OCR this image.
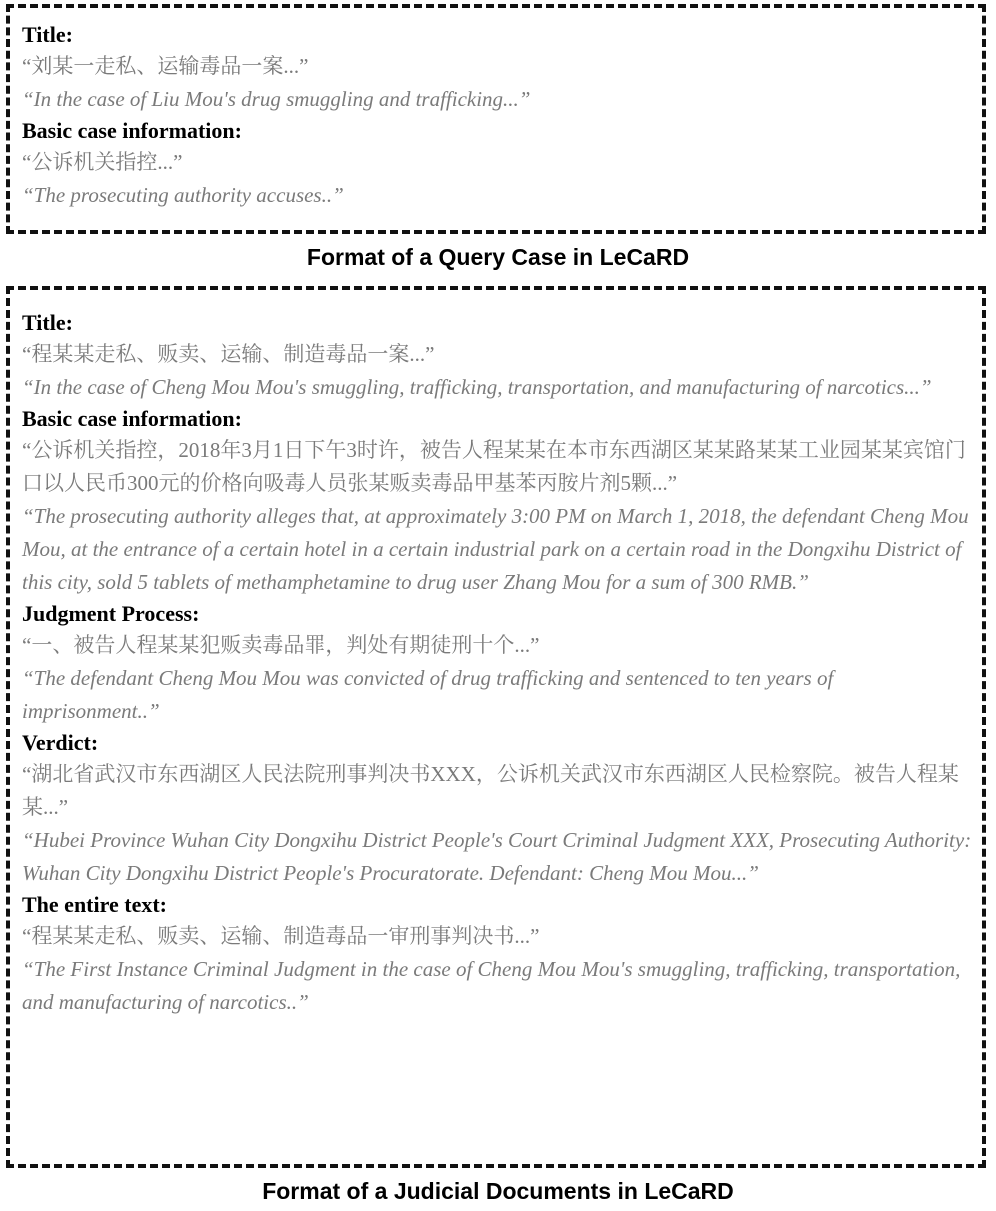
Title:

“刘某一走私、运输毒品一案...”

“In the case of Liu Mou's drug smuggling and trafficking...”

Basic case information:

“公诉机关指控...”

“The prosecuting authority accuses..”

Format of a Query Case in LeCaRD

Title:

“程某某走私、贩卖、运输、制造毒品一案...”

“In the case of Cheng Mou Mou's smuggling, trafficking, transportation, and manufacturing of narcotics...”

Basic case information:

“公诉机关指控，2018年3月1日下午3时许，被告人程某某在本市东西湖区某某路某某工业园某某宾馆门口以人民币300元的价格向吸毒人员张某贩卖毒品甲基苯丙胺片剂5颗...”

“The prosecuting authority alleges that, at approximately 3:00 PM on March 1, 2018, the defendant Cheng Mou Mou, at the entrance of a certain hotel in a certain industrial park on a certain road in the Dongxihu District of this city, sold 5 tablets of methamphetamine to drug user Zhang Mou for a sum of 300 RMB.”

Judgment Process:

“一、被告人程某某犯贩卖毒品罪，判处有期徒刑十个...”

“The defendant Cheng Mou Mou was convicted of drug trafficking and sentenced to ten years of imprisonment..”

Verdict:

“湖北省武汉市东西湖区人民法院刑事判决书XXX，公诉机关武汉市东西湖区人民检察院。被告人程某某...”

“Hubei Province Wuhan City Dongxihu District People's Court Criminal Judgment XXX, Prosecuting Authority: Wuhan City Dongxihu District People's Procuratorate. Defendant: Cheng Mou Mou...”

The entire text:

“程某某走私、贩卖、运输、制造毒品一审刑事判决书...”

“The First Instance Criminal Judgment in the case of Cheng Mou Mou's smuggling, trafficking, transportation, and manufacturing of narcotics..”

Format of a Judicial Documents in LeCaRD
